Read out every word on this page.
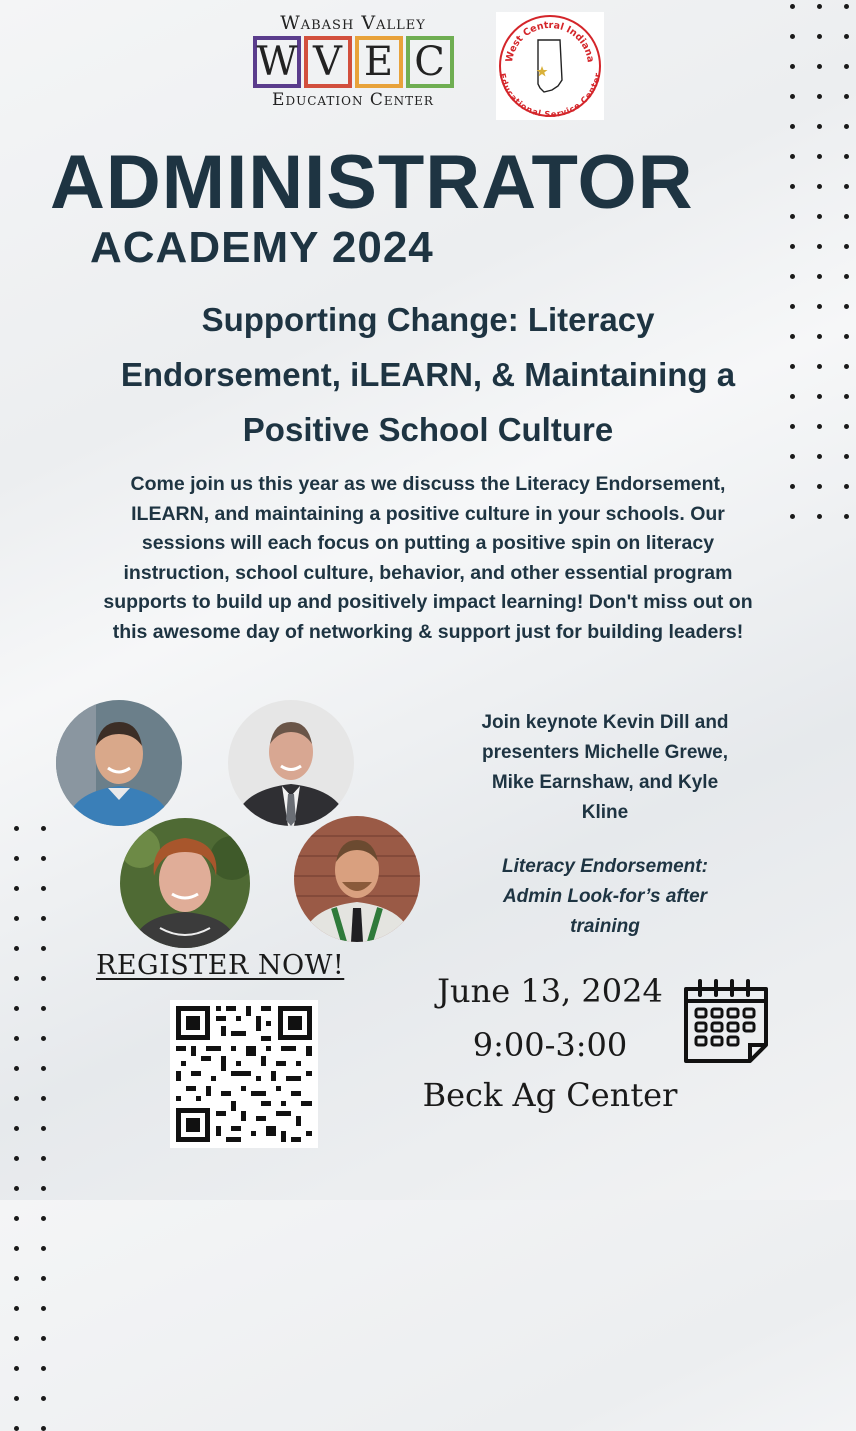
Wabash Valley
W V E C
Education Center
West Central Indiana
Educational Service Center
ADMINISTRATOR
ACADEMY 2024
Supporting Change: Literacy
Endorsement, iLEARN, & Maintaining a
Positive School Culture
Come join us this year as we discuss the Literacy Endorsement,
ILEARN, and maintaining a positive culture in your schools. Our
sessions will each focus on putting a positive spin on literacy
instruction, school culture, behavior, and other essential program
supports to build up and positively impact learning! Don't miss out on
this awesome day of networking & support just for building leaders!
Join keynote Kevin Dill and
presenters Michelle Grewe,
Mike Earnshaw, and Kyle
Kline
Literacy Endorsement:
Admin Look-for’s after
training
REGISTER NOW!
June 13, 2024
9:00-3:00
Beck Ag Center
